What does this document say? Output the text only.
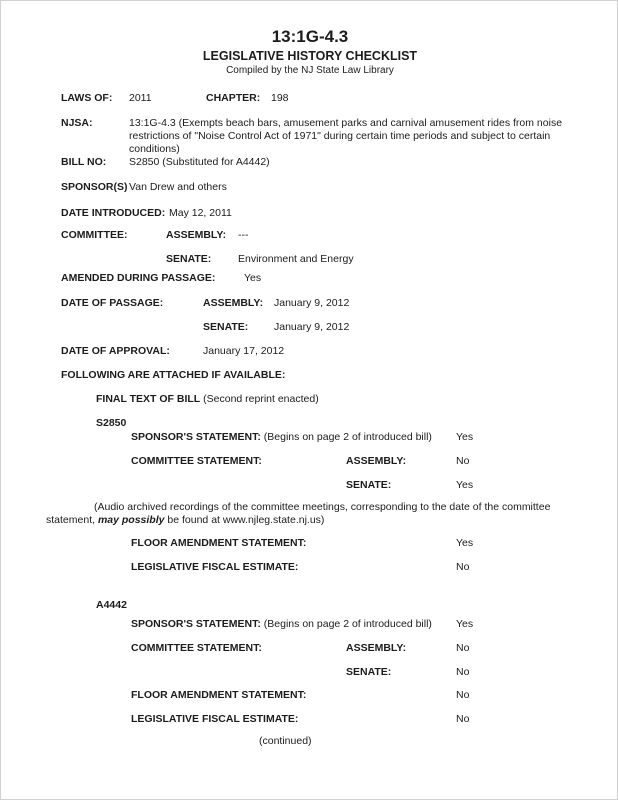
13:1G-4.3
LEGISLATIVE HISTORY CHECKLIST
Compiled by the NJ State Law Library
LAWS OF: 2011	CHAPTER: 198
NJSA:	13:1G-4.3 (Exempts beach bars, amusement parks and carnival amusement rides from noise restrictions of "Noise Control Act of 1971" during certain time periods and subject to certain conditions)
BILL NO: S2850 (Substituted for A4442)
SPONSOR(S) Van Drew and others
DATE INTRODUCED: May 12, 2011
COMMITTEE:	ASSEMBLY: ---
SENATE:	Environment and Energy
AMENDED DURING PASSAGE:	Yes
DATE OF PASSAGE:	ASSEMBLY: January 9, 2012
SENATE: January 9, 2012
DATE OF APPROVAL:	January 17, 2012
FOLLOWING ARE ATTACHED IF AVAILABLE:
FINAL TEXT OF BILL (Second reprint enacted)
S2850
SPONSOR'S STATEMENT: (Begins on page 2 of introduced bill) Yes
COMMITTEE STATEMENT:	ASSEMBLY:	No
SENATE:	Yes
(Audio archived recordings of the committee meetings, corresponding to the date of the committee statement, may possibly be found at www.njleg.state.nj.us)
FLOOR AMENDMENT STATEMENT:	Yes
LEGISLATIVE FISCAL ESTIMATE:	No
A4442
SPONSOR'S STATEMENT: (Begins on page 2 of introduced bill) Yes
COMMITTEE STATEMENT:	ASSEMBLY:	No
SENATE:	No
FLOOR AMENDMENT STATEMENT:	No
LEGISLATIVE FISCAL ESTIMATE:	No
(continued)
